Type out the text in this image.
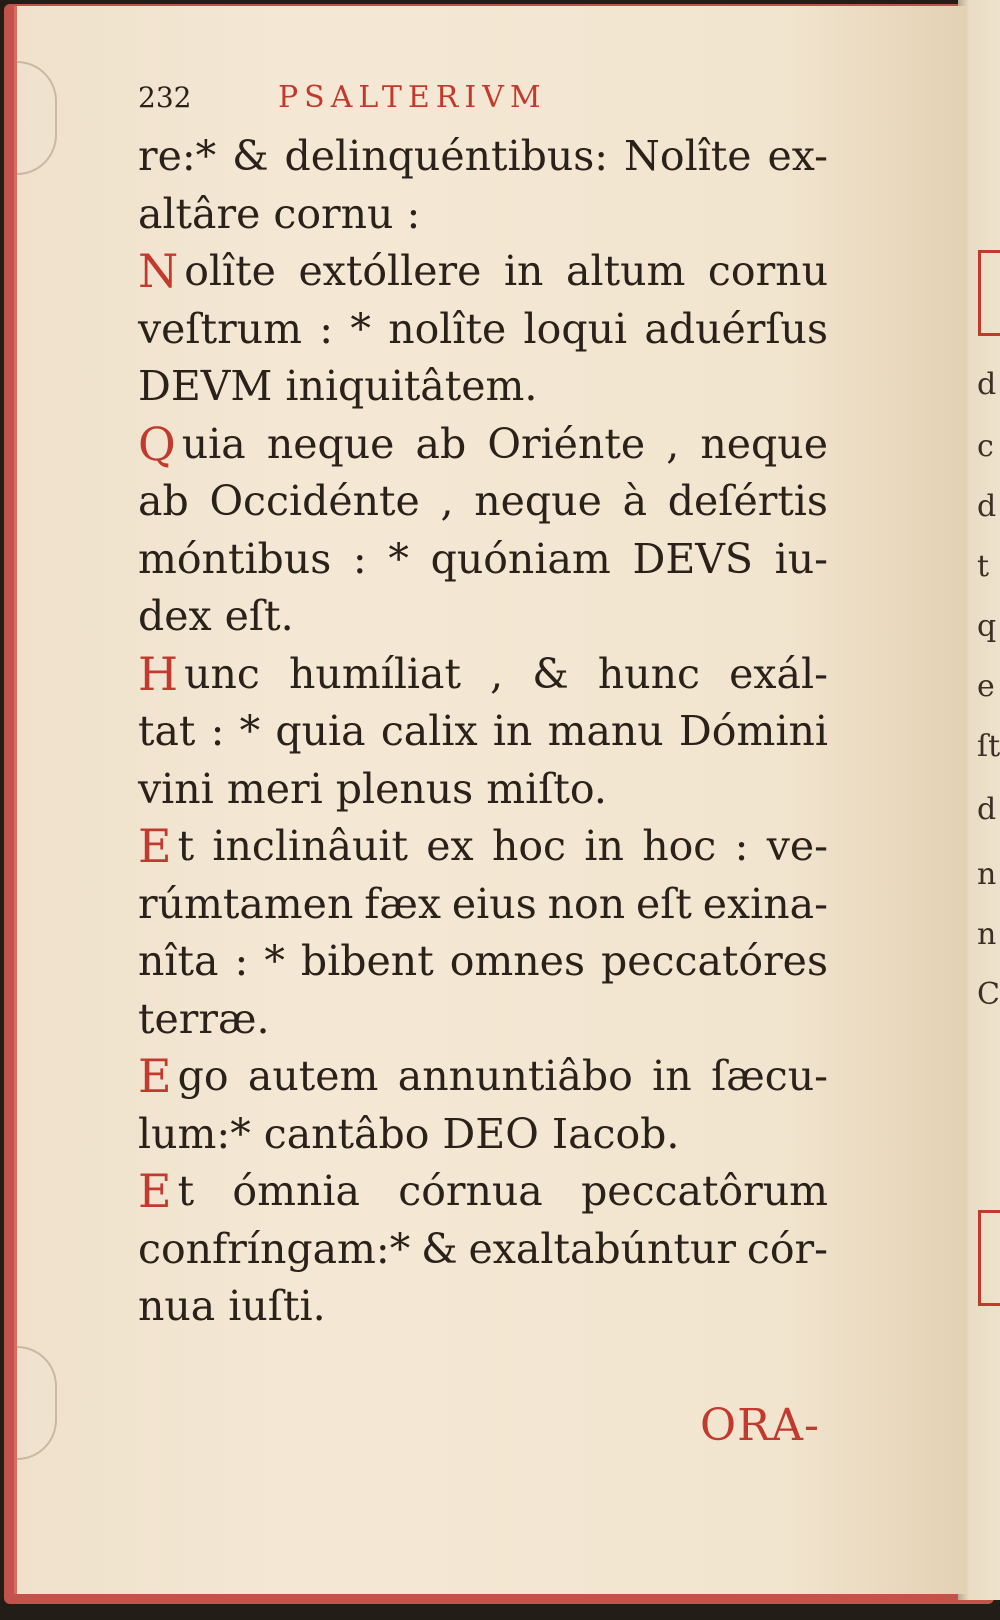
d
c
d
t
q
e
ſt
d
n
n
C
232	PSALTERIVM
re:* & delinquéntibus: Nolîte ex-
altâre cornu :
N olîte extóllere in altum cornu
veſtrum : * nolîte loqui aduérſus
DEVM iniquitâtem.
Q uia neque ab Oriénte , neque
ab Occidénte , neque à deſértis
móntibus : * quóniam DEVS iu-
dex eſt.
H unc humíliat , & hunc exál-
tat : * quia calix in manu Dómini
vini meri plenus miſto.
E t inclinâuit ex hoc in hoc : ve-
rúmtamen fæx eius non eſt exina-
nîta : * bibent omnes peccatóres
terræ.
E go autem annuntiâbo in ſæcu-
lum:* cantâbo DEO Iacob.
E t ómnia córnua peccatôrum
confríngam:* & exaltabúntur cór-
nua iuſti.
ORA-
